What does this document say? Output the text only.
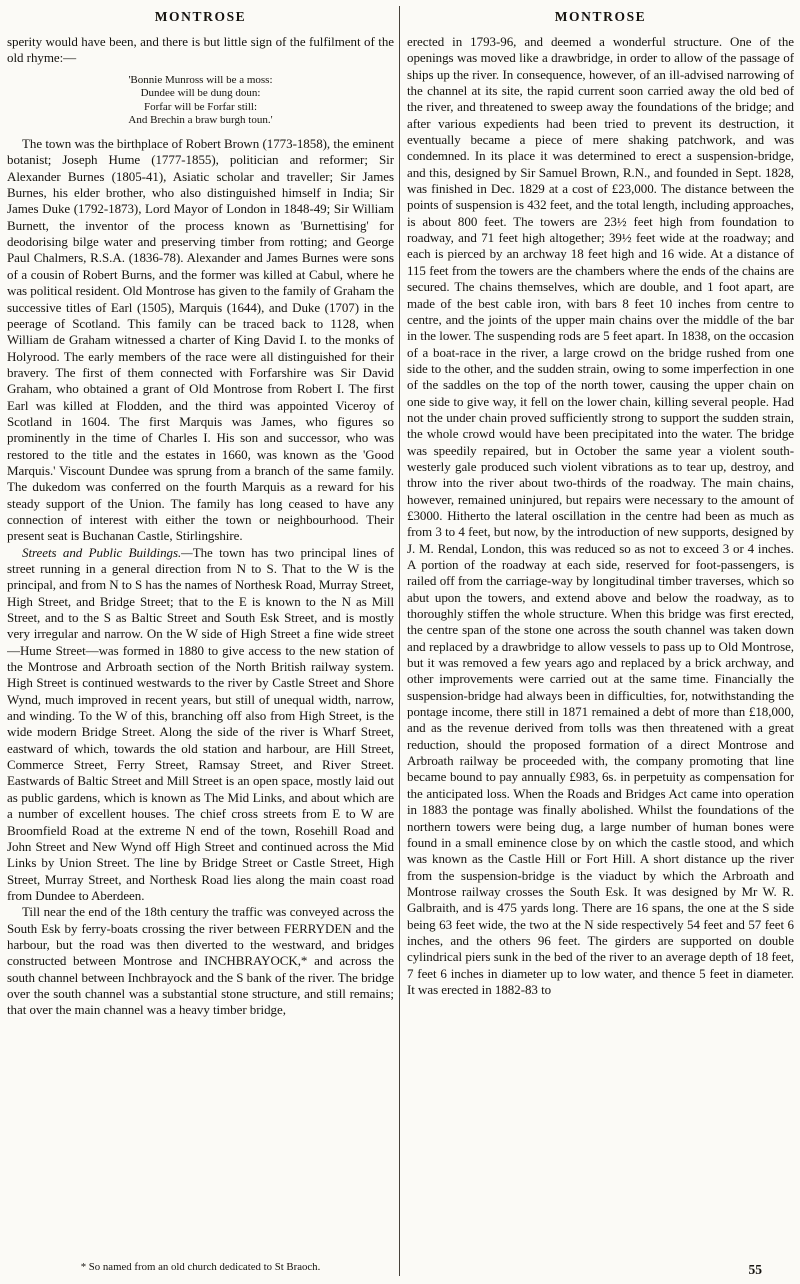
MONTROSE

sperity would have been, and there is but little sign of the fulfilment of the old rhyme:—

'Bonnie Munross will be a moss:
Dundee will be dung doun:
Forfar will be Forfar still:
And Brechin a braw burgh toun.'

The town was the birthplace of Robert Brown (1773-1858), the eminent botanist; Joseph Hume (1777-1855), politician and reformer; Sir Alexander Burnes (1805-41), Asiatic scholar and traveller; Sir James Burnes, his elder brother, who also distinguished himself in India; Sir James Duke (1792-1873), Lord Mayor of London in 1848-49; Sir William Burnett, the inventor of the process known as 'Burnettising' for deodorising bilge water and preserving timber from rotting; and George Paul Chalmers, R.S.A. (1836-78). Alexander and James Burnes were sons of a cousin of Robert Burns, and the former was killed at Cabul, where he was political resident. Old Montrose has given to the family of Graham the successive titles of Earl (1505), Marquis (1644), and Duke (1707) in the peerage of Scotland. This family can be traced back to 1128, when William de Graham witnessed a charter of King David I. to the monks of Holyrood. The early members of the race were all distinguished for their bravery. The first of them connected with Forfarshire was Sir David Graham, who obtained a grant of Old Montrose from Robert I. The first Earl was killed at Flodden, and the third was appointed Viceroy of Scotland in 1604. The first Marquis was James, who figures so prominently in the time of Charles I. His son and successor, who was restored to the title and the estates in 1660, was known as the 'Good Marquis.' Viscount Dundee was sprung from a branch of the same family. The dukedom was conferred on the fourth Marquis as a reward for his steady support of the Union. The family has long ceased to have any connection of interest with either the town or neighbourhood. Their present seat is Buchanan Castle, Stirlingshire.

Streets and Public Buildings.—The town has two principal lines of street running in a general direction from N to S. That to the W is the principal, and from N to S has the names of Northesk Road, Murray Street, High Street, and Bridge Street; that to the E is known to the N as Mill Street, and to the S as Baltic Street and South Esk Street, and is mostly very irregular and narrow. On the W side of High Street a fine wide street—Hume Street—was formed in 1880 to give access to the new station of the Montrose and Arbroath section of the North British railway system. High Street is continued westwards to the river by Castle Street and Shore Wynd, much improved in recent years, but still of unequal width, narrow, and winding. To the W of this, branching off also from High Street, is the wide modern Bridge Street. Along the side of the river is Wharf Street, eastward of which, towards the old station and harbour, are Hill Street, Commerce Street, Ferry Street, Ramsay Street, and River Street. Eastwards of Baltic Street and Mill Street is an open space, mostly laid out as public gardens, which is known as The Mid Links, and about which are a number of excellent houses. The chief cross streets from E to W are Broomfield Road at the extreme N end of the town, Rosehill Road and John Street and New Wynd off High Street and continued across the Mid Links by Union Street. The line by Bridge Street or Castle Street, High Street, Murray Street, and Northesk Road lies along the main coast road from Dundee to Aberdeen.

Till near the end of the 18th century the traffic was conveyed across the South Esk by ferry-boats crossing the river between FERRYDEN and the harbour, but the road was then diverted to the westward, and bridges constructed between Montrose and INCHBRAYOCK,* and across the south channel between Inchbrayock and the S bank of the river. The bridge over the south channel was a substantial stone structure, and still remains; that over the main channel was a heavy timber bridge,

* So named from an old church dedicated to St Braoch.
MONTROSE

erected in 1793-96, and deemed a wonderful structure. One of the openings was moved like a drawbridge, in order to allow of the passage of ships up the river. In consequence, however, of an ill-advised narrowing of the channel at its site, the rapid current soon carried away the old bed of the river, and threatened to sweep away the foundations of the bridge; and after various expedients had been tried to prevent its destruction, it eventually became a piece of mere shaking patchwork, and was condemned. In its place it was determined to erect a suspension-bridge, and this, designed by Sir Samuel Brown, R.N., and founded in Sept. 1828, was finished in Dec. 1829 at a cost of £23,000. The distance between the points of suspension is 432 feet, and the total length, including approaches, is about 800 feet. The towers are 23½ feet high from foundation to roadway, and 71 feet high altogether; 39½ feet wide at the roadway; and each is pierced by an archway 18 feet high and 16 wide. At a distance of 115 feet from the towers are the chambers where the ends of the chains are secured. The chains themselves, which are double, and 1 foot apart, are made of the best cable iron, with bars 8 feet 10 inches from centre to centre, and the joints of the upper main chains over the middle of the bar in the lower. The suspending rods are 5 feet apart. In 1838, on the occasion of a boat-race in the river, a large crowd on the bridge rushed from one side to the other, and the sudden strain, owing to some imperfection in one of the saddles on the top of the north tower, causing the upper chain on one side to give way, it fell on the lower chain, killing several people. Had not the under chain proved sufficiently strong to support the sudden strain, the whole crowd would have been precipitated into the water. The bridge was speedily repaired, but in October the same year a violent south-westerly gale produced such violent vibrations as to tear up, destroy, and throw into the river about two-thirds of the roadway. The main chains, however, remained uninjured, but repairs were necessary to the amount of £3000. Hitherto the lateral oscillation in the centre had been as much as from 3 to 4 feet, but now, by the introduction of new supports, designed by J. M. Rendal, London, this was reduced so as not to exceed 3 or 4 inches. A portion of the roadway at each side, reserved for foot-passengers, is railed off from the carriage-way by longitudinal timber traverses, which so abut upon the towers, and extend above and below the roadway, as to thoroughly stiffen the whole structure. When this bridge was first erected, the centre span of the stone one across the south channel was taken down and replaced by a drawbridge to allow vessels to pass up to Old Montrose, but it was removed a few years ago and replaced by a brick archway, and other improvements were carried out at the same time. Financially the suspension-bridge had always been in difficulties, for, notwithstanding the pontage income, there still in 1871 remained a debt of more than £18,000, and as the revenue derived from tolls was then threatened with a great reduction, should the proposed formation of a direct Montrose and Arbroath railway be proceeded with, the company promoting that line became bound to pay annually £983, 6s. in perpetuity as compensation for the anticipated loss. When the Roads and Bridges Act came into operation in 1883 the pontage was finally abolished. Whilst the foundations of the northern towers were being dug, a large number of human bones were found in a small eminence close by on which the castle stood, and which was known as the Castle Hill or Fort Hill. A short distance up the river from the suspension-bridge is the viaduct by which the Arbroath and Montrose railway crosses the South Esk. It was designed by Mr W. R. Galbraith, and is 475 yards long. There are 16 spans, the one at the S side being 63 feet wide, the two at the N side respectively 54 feet and 57 feet 6 inches, and the others 96 feet. The girders are supported on double cylindrical piers sunk in the bed of the river to an average depth of 18 feet, 7 feet 6 inches in diameter up to low water, and thence 5 feet in diameter. It was erected in 1882-83 to

55
